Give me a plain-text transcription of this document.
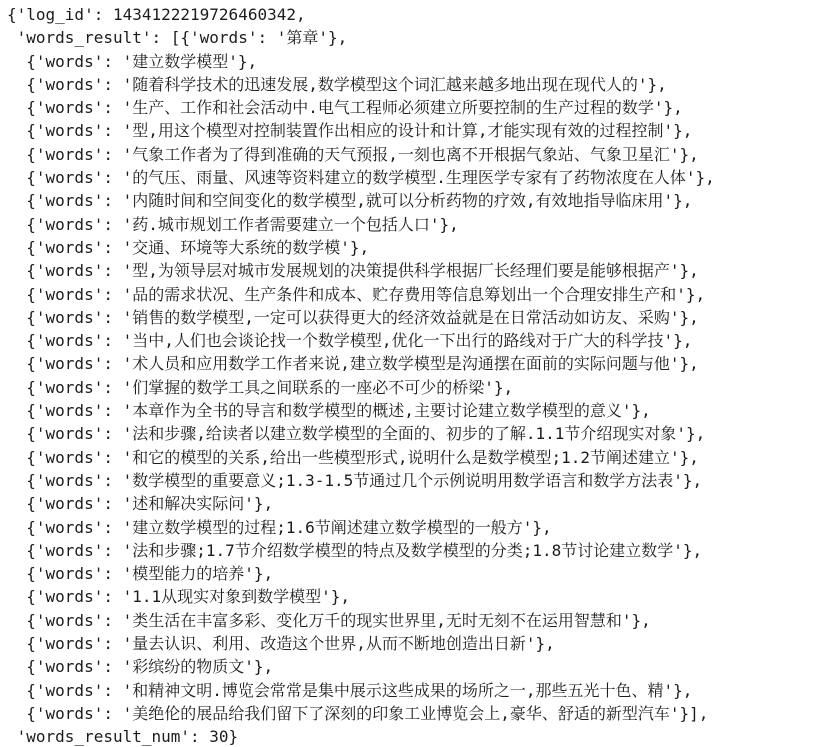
{'log_id': 1434122219726460342,
'words_result': [{'words': '第章'},
{'words': '建立数学模型'},
{'words': '随着科学技术的迅速发展,数学模型这个词汇越来越多地出现在现代人的'},
{'words': '生产、工作和社会活动中.电气工程师必须建立所要控制的生产过程的数学'},
{'words': '型,用这个模型对控制装置作出相应的设计和计算,才能实现有效的过程控制'},
{'words': '气象工作者为了得到准确的天气预报,一刻也离不开根据气象站、气象卫星汇'},
{'words': '的气压、雨量、风速等资料建立的数学模型.生理医学专家有了药物浓度在人体'},
{'words': '内随时间和空间变化的数学模型,就可以分析药物的疗效,有效地指导临床用'},
{'words': '药.城市规划工作者需要建立一个包括人口'},
{'words': '交通、环境等大系统的数学模'},
{'words': '型,为领导层对城市发展规划的决策提供科学根据厂长经理们要是能够根据产'},
{'words': '品的需求状况、生产条件和成本、贮存费用等信息筹划出一个合理安排生产和'},
{'words': '销售的数学模型,一定可以获得更大的经济效益就是在日常活动如访友、采购'},
{'words': '当中,人们也会谈论找一个数学模型,优化一下出行的路线对于广大的科学技'},
{'words': '术人员和应用数学工作者来说,建立数学模型是沟通摆在面前的实际问题与他'},
{'words': '们掌握的数学工具之间联系的一座必不可少的桥梁'},
{'words': '本章作为全书的导言和数学模型的概述,主要讨论建立数学模型的意义'},
{'words': '法和步骤,给读者以建立数学模型的全面的、初步的了解.1.1节介绍现实对象'},
{'words': '和它的模型的关系,给出一些模型形式,说明什么是数学模型;1.2节阐述建立'},
{'words': '数学模型的重要意义;1.3-1.5节通过几个示例说明用数学语言和数学方法表'},
{'words': '述和解决实际问'},
{'words': '建立数学模型的过程;1.6节阐述建立数学模型的一般方'},
{'words': '法和步骤;1.7节介绍数学模型的特点及数学模型的分类;1.8节讨论建立数学'},
{'words': '模型能力的培养'},
{'words': '1.1从现实对象到数学模型'},
{'words': '类生活在丰富多彩、变化万千的现实世界里,无时无刻不在运用智慧和'},
{'words': '量去认识、利用、改造这个世界,从而不断地创造出日新'},
{'words': '彩缤纷的物质文'},
{'words': '和精神文明.博览会常常是集中展示这些成果的场所之一,那些五光十色、精'},
{'words': '美绝伦的展品给我们留下了深刻的印象工业博览会上,豪华、舒适的新型汽车'}],
'words_result_num': 30}
